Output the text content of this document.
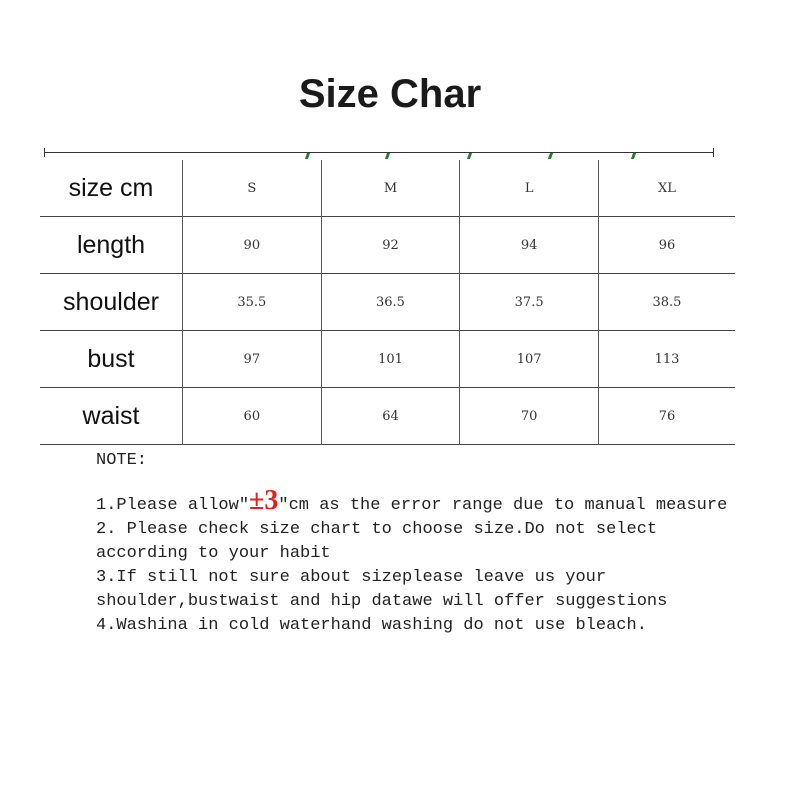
Size Char
size cm	S	M	L	XL
length	90	92	94	96
shoulder	35.5	36.5	37.5	38.5
bust	97	101	107	113
waist	60	64	70	76

NOTE:

1.Please allow"±3"cm as the error range due to manual measure

2. Please check size chart to choose size.Do not select according to your habit

3.If still not sure about sizeplease leave us your shoulder,bustwaist and hip datawe will offer suggestions

4.Washina in cold waterhand washing do not use bleach.
